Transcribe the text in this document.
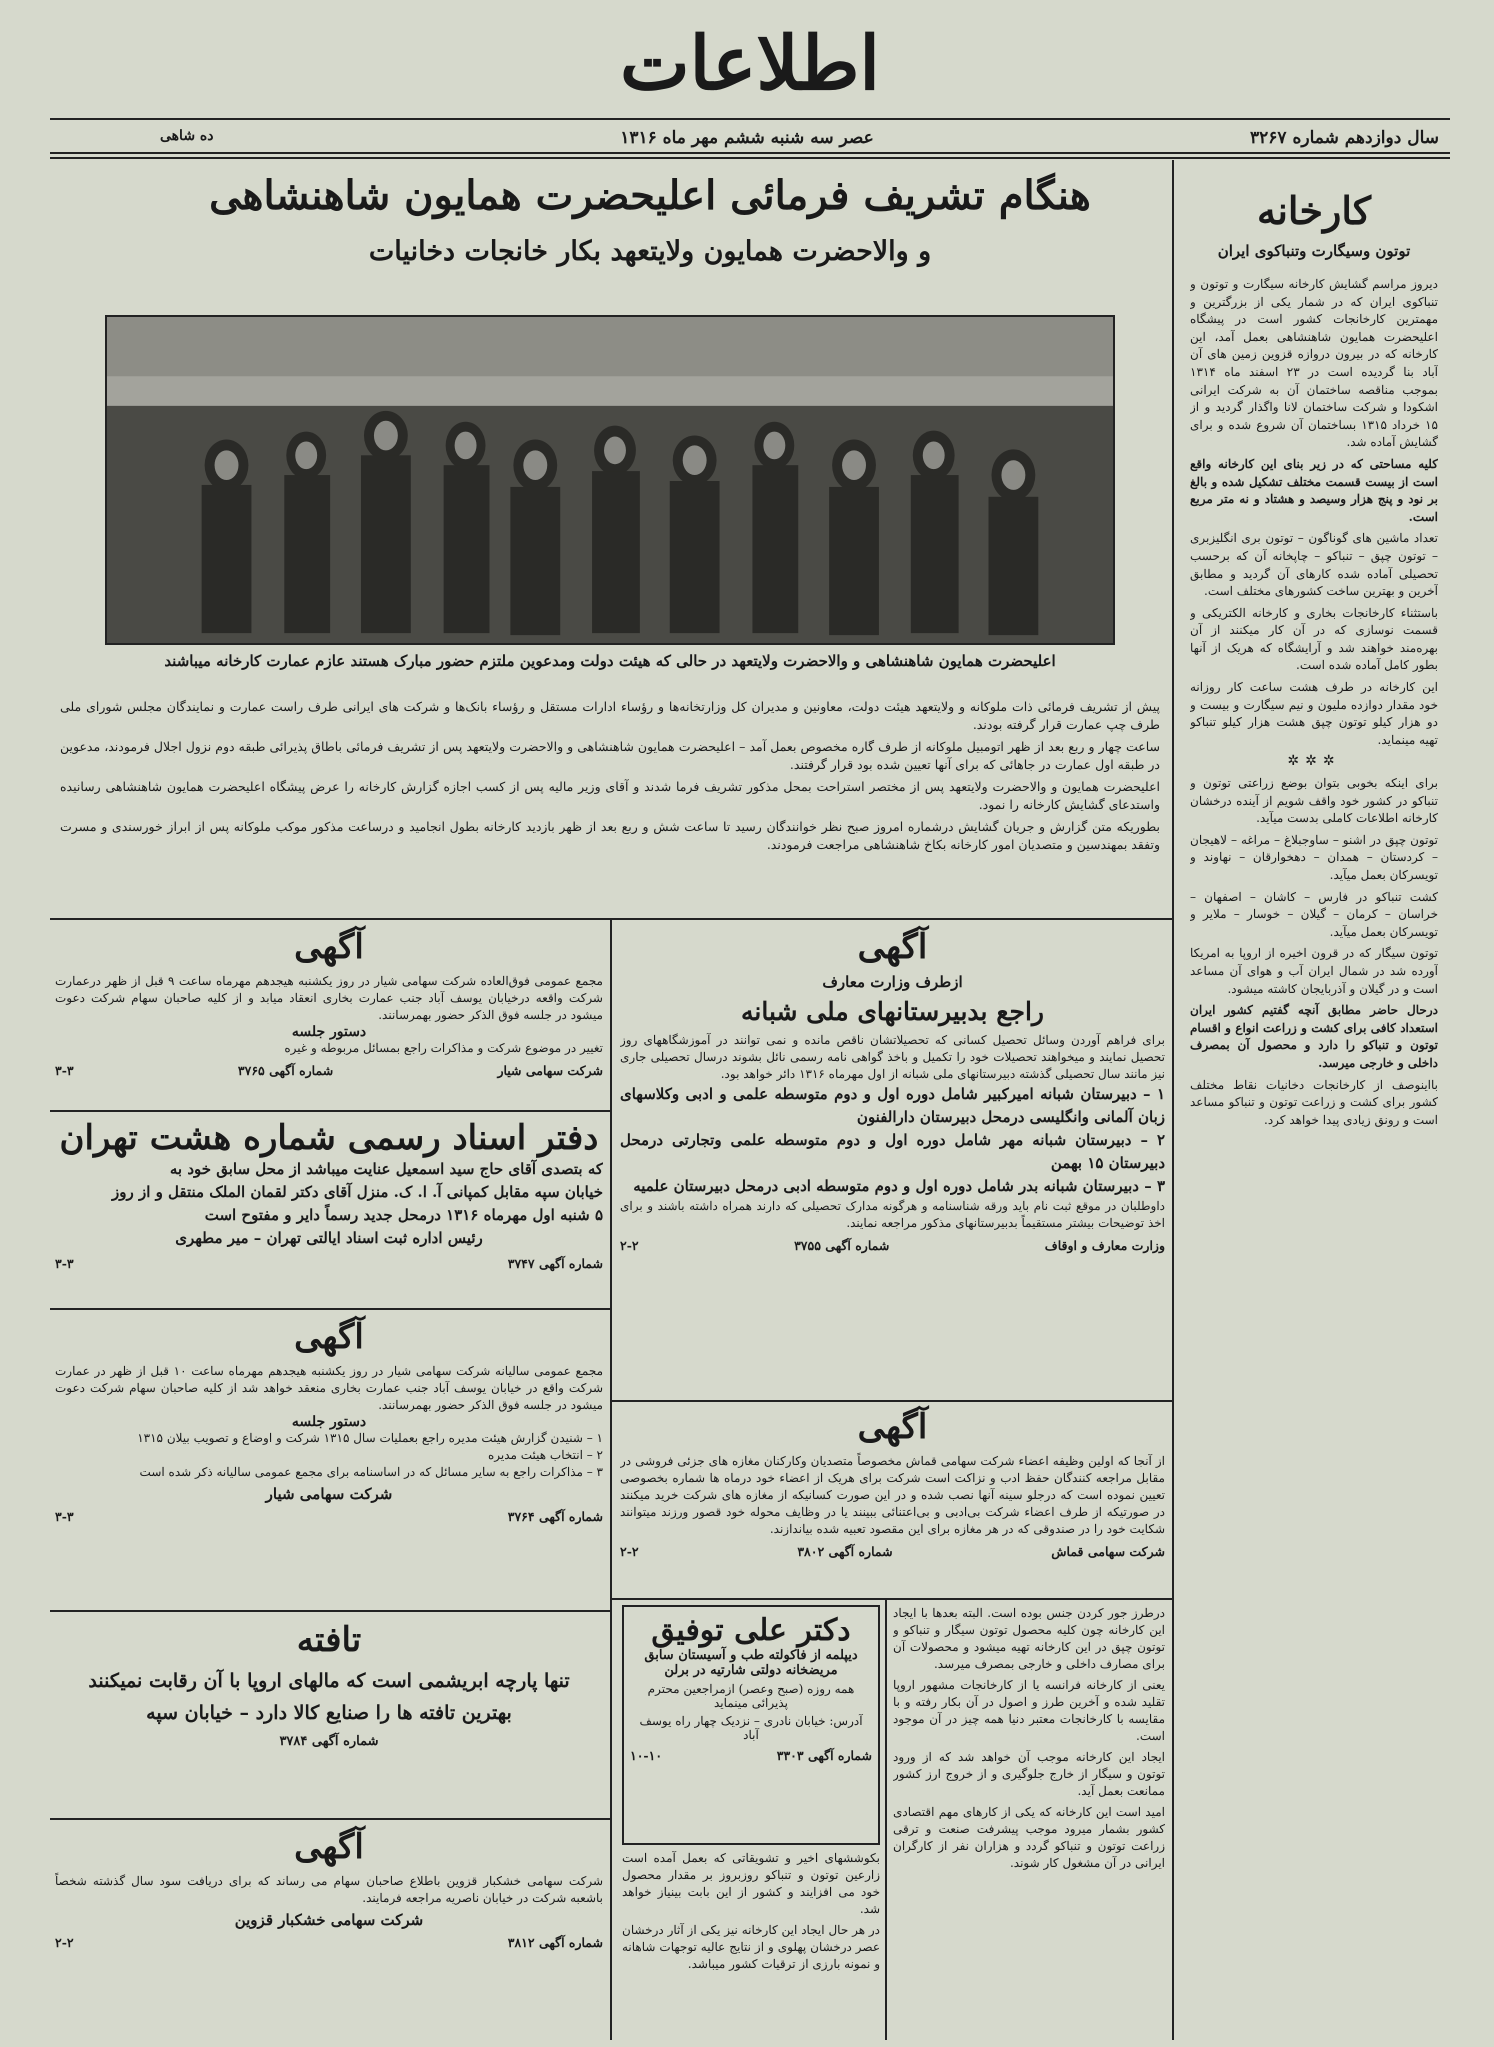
اطلاعات
سال دوازدهم شماره ۳۲۶۷
عصر سه شنبه ششم مهر ماه ۱۳۱۶
ده شاهی
هنگام تشریف فرمائی اعلیحضرت همایون شاهنشاهی
و والاحضرت همایون ولایتعهد بکار خانجات دخانیات
اعلیحضرت همایون شاهنشاهی و والاحضرت ولایتعهد در حالی که هیئت دولت ومدعوین ملتزم حضور مبارک هستند عازم عمارت کارخانه میباشند

پیش از تشریف فرمائی ذات ملوکانه و ولایتعهد هیئت دولت، معاونین و مدیران کل وزارتخانه‌ها و رؤساء ادارات مستقل و رؤساء بانک‌ها و شرکت های ایرانی طرف راست عمارت و نمایندگان مجلس شورای ملی طرف چپ عمارت قرار گرفته بودند.

ساعت چهار و ربع بعد از ظهر اتومبیل ملوکانه از طرف گاره مخصوص بعمل آمد – اعلیحضرت همایون شاهنشاهی و والاحضرت ولایتعهد پس از تشریف فرمائی باطاق پذیرائی طبقه دوم نزول اجلال فرمودند، مدعوین در طبقه اول عمارت در جاهائی که برای آنها تعیین شده بود قرار گرفتند.

اعلیحضرت همایون و والاحضرت ولایتعهد پس از مختصر استراحت بمحل مذکور تشریف فرما شدند و آقای وزیر مالیه پس از کسب اجازه گزارش کارخانه را عرض پیشگاه اعلیحضرت همایون شاهنشاهی رسانیده واستدعای گشایش کارخانه را نمود.

بطوریکه متن گزارش و جریان گشایش درشماره امروز صبح نظر خوانندگان رسید تا ساعت شش و ربع بعد از ظهر بازدید کارخانه بطول انجامید و درساعت مذکور موکب ملوکانه پس از ابراز خورسندی و مسرت وتفقد بمهندسین و متصدیان امور کارخانه بکاخ شاهنشاهی مراجعت فرمودند.

کارخانه
توتون وسیگارت وتنباکوی ایران

دیروز مراسم گشایش کارخانه سیگارت و توتون و تنباکوی ایران که در شمار یکی از بزرگترین و مهمترین کارخانجات کشور است در پیشگاه اعلیحضرت همایون شاهنشاهی بعمل آمد، این کارخانه که در بیرون دروازه قزوین زمین های آن آباد بنا گردیده است در ۲۳ اسفند ماه ۱۳۱۴ بموجب مناقصه ساختمان آن به شرکت ایرانی اشکودا و شرکت ساختمان لانا واگذار گردید و از ۱۵ خرداد ۱۳۱۵ بساختمان آن شروع شده و برای گشایش آماده شد.

کلیه مساحتی که در زیر بنای این کارخانه واقع است از بیست قسمت مختلف تشکیل شده و بالغ بر نود و پنج هزار وسیصد و هشتاد و نه متر مربع است.

تعداد ماشین های گوناگون – توتون بری انگلیزبری – توتون چپق – تنباکو – چاپخانه آن که برحسب تحصیلی آماده شده کارهای آن گردید و مطابق آخرین و بهترین ساخت کشورهای مختلف است.

باستثناء کارخانجات بخاری و کارخانه الکتریکی و قسمت نوسازی که در آن کار میکنند از آن بهره‌مند خواهند شد و آرایشگاه که هریک از آنها بطور کامل آماده شده است.

این کارخانه در طرف هشت ساعت کار روزانه خود مقدار دوازده ملیون و نیم سیگارت و بیست و دو هزار کیلو توتون چپق هشت هزار کیلو تنباکو تهیه مینماید.

✲✲✲

برای اینکه بخوبی بتوان بوضع زراعتی توتون و تنباکو در کشور خود واقف شویم از آینده درخشان کارخانه اطلاعات کاملی بدست میآید.

توتون چپق در اشنو – ساوجبلاغ – مراغه – لاهیجان – کردستان – همدان – دهخوارقان – نهاوند و تویسرکان بعمل میآید.

کشت تنباکو در فارس – کاشان – اصفهان – خراسان – کرمان – گیلان – خوسار – ملایر و تویسرکان بعمل میآید.

توتون سیگار که در قرون اخیره از اروپا به امریکا آورده شد در شمال ایران آب و هوای آن مساعد است و در گیلان و آذربایجان کاشته میشود.

درحال حاضر مطابق آنچه گفتیم کشور ایران استعداد کافی برای کشت و زراعت انواع و اقسام توتون و تنباکو را دارد و محصول آن بمصرف داخلی و خارجی میرسد.

بااینوصف از کارخانجات دخانیات نقاط مختلف کشور برای کشت و زراعت توتون و تنباکو مساعد است و رونق زیادی پیدا خواهد کرد.

آگهی
ازطرف وزارت معارف
راجع بدبیرستانهای ملی شبانه
برای فراهم آوردن وسائل تحصیل کسانی که تحصیلاتشان ناقص مانده و نمی توانند در آموزشگاههای روز تحصیل نمایند و میخواهند تحصیلات خود را تکمیل و باخذ گواهی نامه رسمی نائل بشوند درسال تحصیلی جاری نیز مانند سال تحصیلی گذشته دبیرستانهای ملی شبانه از اول مهرماه ۱۳۱۶ دائر خواهد بود.
۱ – دبیرستان شبانه امیرکبیر شامل دوره اول و دوم متوسطه علمی و ادبی وکلاسهای زبان آلمانی وانگلیسی درمحل دبیرستان دارالفنون
۲ – دبیرستان شبانه مهر شامل دوره اول و دوم متوسطه علمی وتجارتی درمحل دبیرستان ۱۵ بهمن
۳ – دبیرستان شبانه بدر شامل دوره اول و دوم متوسطه ادبی درمحل دبیرستان علمیه
داوطلبان در موقع ثبت نام باید ورقه شناسنامه و هرگونه مدارک تحصیلی که دارند همراه داشته باشند و برای اخذ توضیحات بیشتر مستقیماً بدبیرستانهای مذکور مراجعه نمایند.
وزارت معارف و اوقاف
شماره آگهی ۳۷۵۵
۲-۲
آگهی
از آنجا که اولین وظیفه اعضاء شرکت سهامی قماش مخصوصاً متصدیان وکارکنان مغازه های جزئی فروشی در مقابل مراجعه کنندگان حفظ ادب و نزاکت است شرکت برای هریک از اعضاء خود درماه ها شماره بخصوصی تعیین نموده است که درجلو سینه آنها نصب شده و در این صورت کسانیکه از مغازه های شرکت خرید میکنند در صورتیکه از طرف اعضاء شرکت بی‌ادبی و بی‌اعتنائی ببینند یا در وظایف محوله خود قصور ورزند میتوانند شکایت خود را در صندوقی که در هر مغازه برای این مقصود تعبیه شده بیاندازند.
شرکت سهامی قماش
شماره آگهی ۳۸۰۲
۲-۲

درطرز جور کردن جنس بوده است. البته بعدها با ایجاد این کارخانه چون کلیه محصول توتون سیگار و تنباکو و توتون چپق در این کارخانه تهیه میشود و محصولات آن برای مصارف داخلی و خارجی بمصرف میرسد.

یعنی از کارخانه فرانسه یا از کارخانجات مشهور اروپا تقلید شده و آخرین طرز و اصول در آن بکار رفته و با مقایسه با کارخانجات معتبر دنیا همه چیز در آن موجود است.

ایجاد این کارخانه موجب آن خواهد شد که از ورود توتون و سیگار از خارج جلوگیری و از خروج ارز کشور ممانعت بعمل آید.

امید است این کارخانه که یکی از کارهای مهم اقتصادی کشور بشمار میرود موجب پیشرفت صنعت و ترقی زراعت توتون و تنباکو گردد و هزاران نفر از کارگران ایرانی در آن مشغول کار شوند.

دکتر علی توفیق
دیپلمه از فاکولته طب و آسیستان سابق
مریضخانه دولتی شارتیه در برلن
همه روزه (صبح وعصر) ازمراجعین محترم پذیرائی مینماید
آدرس: خیابان نادری – نزدیک چهار راه یوسف آباد
شماره آگهی ۳۳۰۳
۱۰-۱۰

بکوششهای اخیر و تشویقاتی که بعمل آمده است زارعین توتون و تنباکو روزبروز بر مقدار محصول خود می افزایند و کشور از این بابت بینیاز خواهد شد.

در هر حال ایجاد این کارخانه نیز یکی از آثار درخشان عصر درخشان پهلوی و از نتایج عالیه توجهات شاهانه و نمونه بارزی از ترقیات کشور میباشد.

آگهی
مجمع عمومی فوق‌العاده شرکت سهامی شیار در روز یکشنبه هیجدهم مهرماه ساعت ۹ قبل از ظهر درعمارت شرکت واقعه درخیابان یوسف آباد جنب عمارت بخاری انعقاد میابد و از کلیه صاحبان سهام شرکت دعوت میشود در جلسه فوق الذکر حضور بهمرسانند.
دستور جلسه
تغییر در موضوع شرکت و مذاکرات راجع بمسائل مربوطه و غیره
شرکت سهامی شیار
شماره آگهی ۳۷۶۵
۳-۳
دفتر اسناد رسمی شماره هشت تهران
که بتصدی آقای حاج سید اسمعیل عنایت میباشد از محل سابق خود به
خیابان سپه مقابل کمپانی آ. ا. ک. منزل آقای دکتر لقمان الملک منتقل و از روز
۵ شنبه اول مهرماه ۱۳۱۶ درمحل جدید رسماً دایر و مفتوح است
رئیس اداره ثبت اسناد ایالتی تهران – میر مطهری
شماره آگهی ۳۷۴۷
۳-۳
آگهی
مجمع عمومی سالیانه شرکت سهامی شیار در روز یکشنبه هیجدهم مهرماه ساعت ۱۰ قبل از ظهر در عمارت شرکت واقع در خیابان یوسف آباد جنب عمارت بخاری منعقد خواهد شد از کلیه صاحبان سهام شرکت دعوت میشود در جلسه فوق الذکر حضور بهمرسانند.
دستور جلسه
۱ – شنیدن گزارش هیئت مدیره راجع بعملیات سال ۱۳۱۵ شرکت و اوضاع و تصویب بیلان ۱۳۱۵
۲ – انتخاب هیئت مدیره
۳ – مذاکرات راجع به سایر مسائل که در اساسنامه برای مجمع عمومی سالیانه ذکر شده است
شرکت سهامی شیار
شماره آگهی ۳۷۶۴
۳-۳
تافته
تنها پارچه ابریشمی است که مالهای اروپا با آن رقابت نمیکنند
بهترین تافته ها را صنایع کالا دارد – خیابان سپه
شماره آگهی ۳۷۸۴
آگهی
شرکت سهامی خشکبار قزوین باطلاع صاحبان سهام می رساند که برای دریافت سود سال گذشته شخصاً باشعبه شرکت در خیابان ناصریه مراجعه فرمایند.
شرکت سهامی خشکبار قزوین
شماره آگهی ۳۸۱۲
۲-۲
